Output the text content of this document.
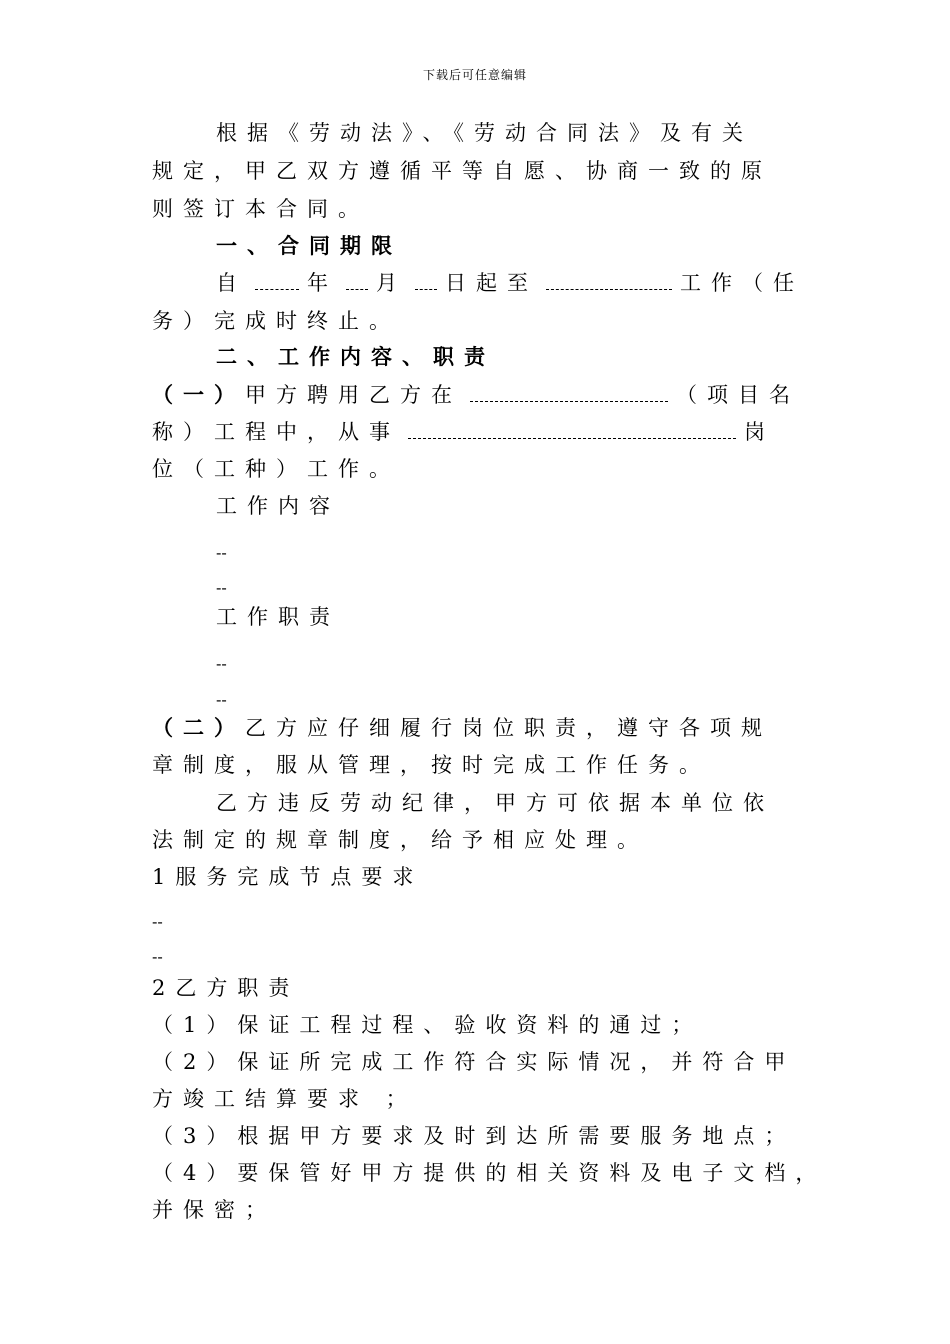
下载后可任意编辑
根据《劳动法》、《劳动合同法》及有关
规定，甲乙双方遵循平等自愿、协商一致的原
则签订本合同。
一、合同期限
自	年 月 日起至	工作（任
务）完成时终止。
二、工作内容、职责
（一）甲方聘用乙方在	（项目名
称）工程中，从事	岗
位（工种）工作。
工作内容
--
--
工作职责
--
--
（二）乙方应仔细履行岗位职责，遵守各项规
章制度，服从管理，按时完成工作任务。
乙方违反劳动纪律，甲方可依据本单位依
法制定的规章制度，给予相应处理。
1服务完成节点要求
--
--
2乙方职责
（1）保证工程过程、验收资料的通过；
（2）保证所完成工作符合实际情况，并符合甲
方竣工结算要求 ；
（3）根据甲方要求及时到达所需要服务地点；
（4）要保管好甲方提供的相关资料及电子文档，
并保密；
